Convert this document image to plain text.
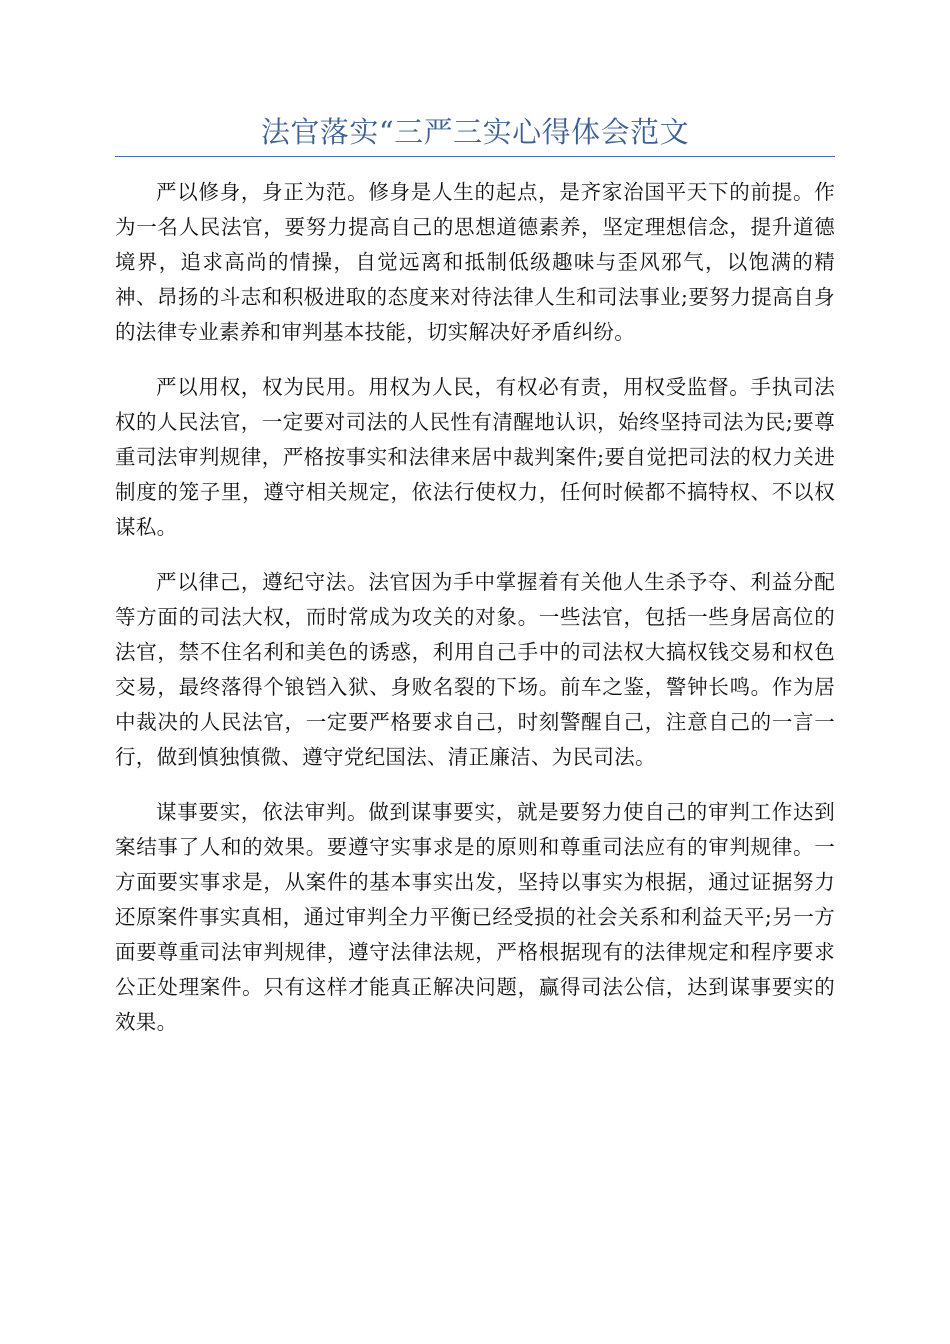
法官落实“三严三实心得体会范文

严以修身，身正为范。修身是人生的起点，是齐家治国平天下的前提。作为一名人民法官，要努力提高自己的思想道德素养，坚定理想信念，提升道德境界，追求高尚的情操，自觉远离和抵制低级趣味与歪风邪气，以饱满的精神、昂扬的斗志和积极进取的态度来对待法律人生和司法事业;要努力提高自身的法律专业素养和审判基本技能，切实解决好矛盾纠纷。

严以用权，权为民用。用权为人民，有权必有责，用权受监督。手执司法权的人民法官，一定要对司法的人民性有清醒地认识，始终坚持司法为民;要尊重司法审判规律，严格按事实和法律来居中裁判案件;要自觉把司法的权力关进制度的笼子里，遵守相关规定，依法行使权力，任何时候都不搞特权、不以权谋私。

严以律己，遵纪守法。法官因为手中掌握着有关他人生杀予夺、利益分配等方面的司法大权，而时常成为攻关的对象。一些法官，包括一些身居高位的法官，禁不住名利和美色的诱惑，利用自己手中的司法权大搞权钱交易和权色交易，最终落得个锒铛入狱、身败名裂的下场。前车之鉴，警钟长鸣。作为居中裁决的人民法官，一定要严格要求自己，时刻警醒自己，注意自己的一言一行，做到慎独慎微、遵守党纪国法、清正廉洁、为民司法。

谋事要实，依法审判。做到谋事要实，就是要努力使自己的审判工作达到案结事了人和的效果。要遵守实事求是的原则和尊重司法应有的审判规律。一方面要实事求是，从案件的基本事实出发，坚持以事实为根据，通过证据努力还原案件事实真相，通过审判全力平衡已经受损的社会关系和利益天平;另一方面要尊重司法审判规律，遵守法律法规，严格根据现有的法律规定和程序要求公正处理案件。只有这样才能真正解决问题，赢得司法公信，达到谋事要实的效果。
